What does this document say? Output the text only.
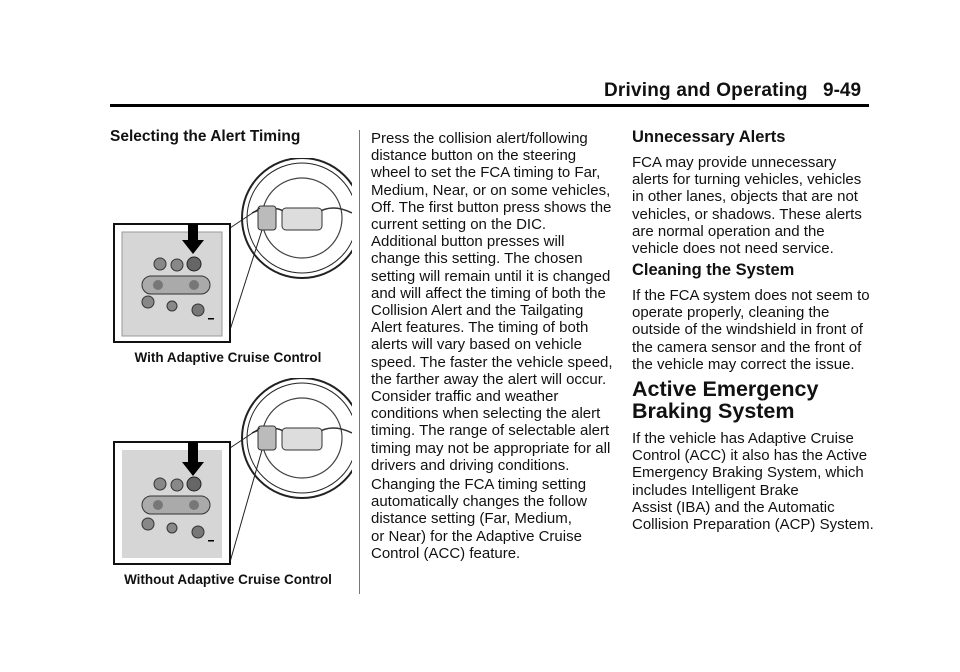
Driving and Operating 9-49
Selecting the Alert Timing
With Adaptive Cruise Control
Without Adaptive Cruise Control
Press the collision alert/following
distance button on the steering
wheel to set the FCA timing to Far,
Medium, Near, or on some vehicles,
Off. The first button press shows the
current setting on the DIC.
Additional button presses will
change this setting. The chosen
setting will remain until it is changed
and will affect the timing of both the
Collision Alert and the Tailgating
Alert features. The timing of both
alerts will vary based on vehicle
speed. The faster the vehicle speed,
the farther away the alert will occur.
Consider traffic and weather
conditions when selecting the alert
timing. The range of selectable alert
timing may not be appropriate for all
drivers and driving conditions.
Changing the FCA timing setting
automatically changes the follow
distance setting (Far, Medium,
or Near) for the Adaptive Cruise
Control (ACC) feature.
Unnecessary Alerts
FCA may provide unnecessary
alerts for turning vehicles, vehicles
in other lanes, objects that are not
vehicles, or shadows. These alerts
are normal operation and the
vehicle does not need service.
Cleaning the System
If the FCA system does not seem to
operate properly, cleaning the
outside of the windshield in front of
the camera sensor and the front of
the vehicle may correct the issue.
Active Emergency
Braking System
If the vehicle has Adaptive Cruise
Control (ACC) it also has the Active
Emergency Braking System, which
includes Intelligent Brake
Assist (IBA) and the Automatic
Collision Preparation (ACP) System.
